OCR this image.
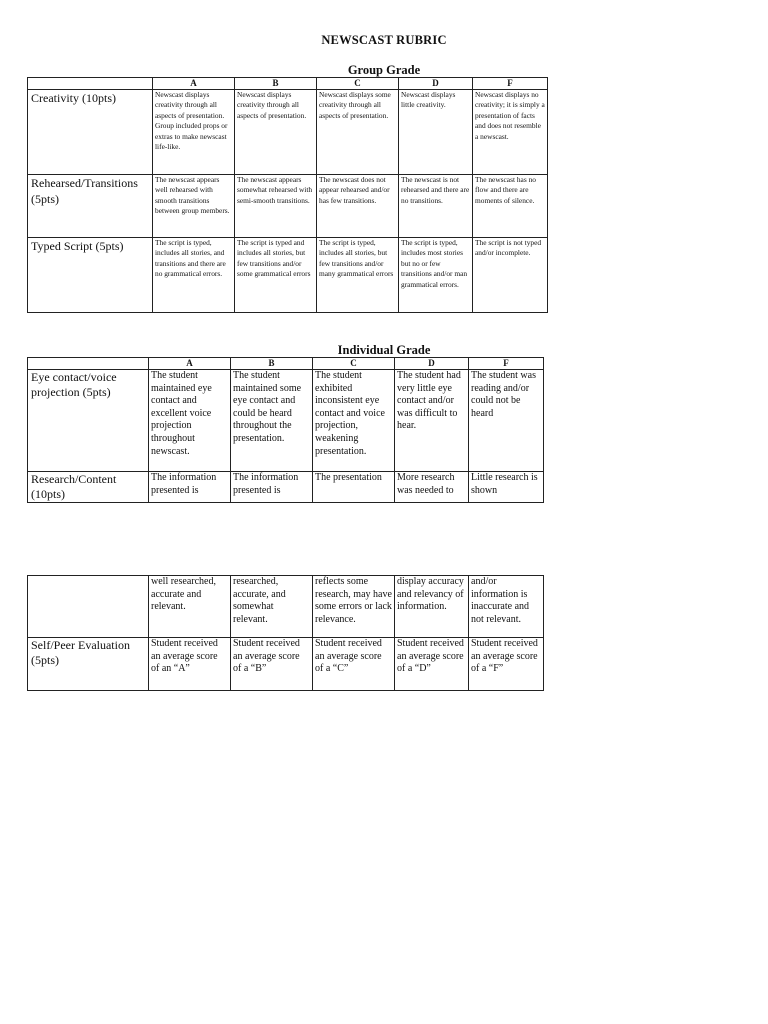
NEWSCAST RUBRIC
Group Grade
	A	B	C	D	F
Creativity (10pts)	Newscast displays creativity through all aspects of presentation. Group included props or extras to make newscast life-like.	Newscast displays creativity through all aspects of presentation.	Newscast displays some creativity through all aspects of presentation.	Newscast displays little creativity.	Newscast displays no creativity; it is simply a presentation of facts and does not resemble a newscast.
Rehearsed/Transitions (5pts)	The newscast appears well rehearsed with smooth transitions between group members.	The newscast appears somewhat rehearsed with semi-smooth transitions.	The newscast does not appear rehearsed and/or has few transitions.	The newscast is not rehearsed and there are no transitions.	The newscast has no flow and there are moments of silence.
Typed Script (5pts)	The script is typed, includes all stories, and transitions and there are no grammatical errors.	The script is typed and includes all stories, but few transitions and/or some grammatical errors	The script is typed, includes all stories, but few transitions and/or many grammatical errors	The script is typed, includes most stories but no or few transitions and/or man grammatical errors.	The script is not typed and/or incomplete.
Individual Grade
	A	B	C	D	F
Eye contact/voice projection (5pts)	The student maintained eye contact and excellent voice projection throughout newscast.	The student maintained some eye contact and could be heard throughout the presentation.	The student exhibited inconsistent eye contact and voice projection, weakening presentation.	The student had very little eye contact and/or was difficult to hear.	The student was reading and/or could not be heard
Research/Content (10pts)	The information presented is	The information presented is	The presentation	More research was needed to	Little research is shown
	well researched, accurate and relevant.	researched, accurate, and somewhat relevant.	reflects some research, may have some errors or lack relevance.	display accuracy and relevancy of information.	and/or information is inaccurate and not relevant.
Self/Peer Evaluation (5pts)	Student received an average score of an “A”	Student received an average score of a “B”	Student received an average score of a “C”	Student received an average score of a “D”	Student received an average score of a “F”
